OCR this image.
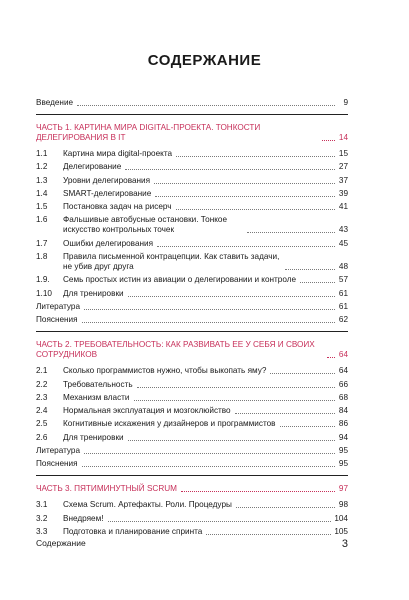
СОДЕРЖАНИЕ
Введение	9
ЧАСТЬ 1. КАРТИНА МИРА DIGITAL-ПРОЕКТА. ТОНКОСТИ ДЕЛЕГИРОВАНИЯ В IT	14
1.1	Картина мира digital-проекта	15
1.2	Делегирование	27
1.3	Уровни делегирования	37
1.4	SMART-делегирование	39
1.5	Постановка задач на рисерч	41
1.6	Фальшивые автобусные остановки. Тонкое искусство контрольных точек	43
1.7	Ошибки делегирования	45
1.8	Правила письменной контрацепции. Как ставить задачи, не убив друг друга	48
1.9.	Семь простых истин из авиации о делегировании и контроле	57
1.10	Для тренировки	61
Литература	61
Пояснения	62
ЧАСТЬ 2. ТРЕБОВАТЕЛЬНОСТЬ: КАК РАЗВИВАТЬ ЕЕ У СЕБЯ И СВОИХ СОТРУДНИКОВ	64
2.1	Сколько программистов нужно, чтобы выкопать яму?	64
2.2	Требовательность	66
2.3	Механизм власти	68
2.4	Нормальная эксплуатация и мозгоклюйство	84
2.5	Когнитивные искажения у дизайнеров и программистов	86
2.6	Для тренировки	94
Литература	95
Пояснения	95
ЧАСТЬ 3. ПЯТИМИНУТНЫЙ SCRUM	97
3.1	Схема Scrum. Артефакты. Роли. Процедуры	98
3.2	Внедряем!	104
3.3	Подготовка и планирование спринта	105
Содержание	3
